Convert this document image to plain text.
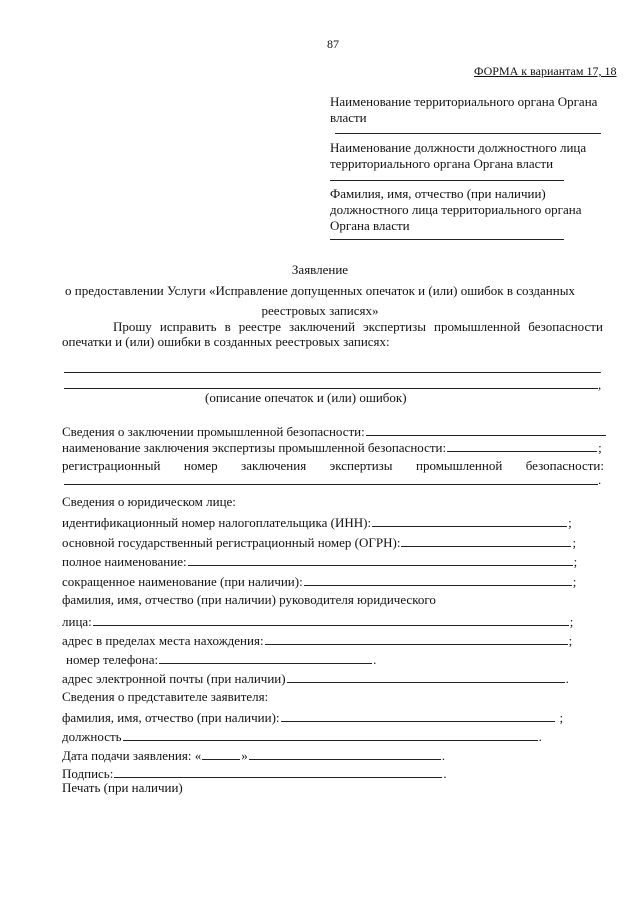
87
ФОРМА к вариантам 17, 18
Наименование территориального органа Органа
власти
Наименование должности должностного лица
территориального органа Органа власти
Фамилия, имя, отчество (при наличии)
должностного лица территориального органа
Органа власти
Заявление
о предоставлении Услуги «Исправление допущенных опечаток и (или) ошибок в созданных
реестровых записях»
Прошу исправить в реестре заключений экспертизы промышленной безопасности
опечатки и (или) ошибки в созданных реестровых записях:
,
(описание опечаток и (или) ошибок)
Сведения о заключении промышленной безопасности:
наименование заключения экспертизы промышленной безопасности:	;
регистрационный номер заключения экспертизы промышленной безопасности:
.
Сведения о юридическом лице:
идентификационный номер налогоплательщика (ИНН):	;
основной государственный регистрационный номер (ОГРН):	;
полное наименование:	;
сокращенное наименование (при наличии):	;
фамилия, имя, отчество (при наличии) руководителя юридического
лица:	;
адрес в пределах места нахождения:	;
номер телефона:	.
адрес электронной почты (при наличии)	.
Сведения о представителе заявителя:
фамилия, имя, отчество (при наличии):	;
должность	.
Дата подачи заявления: «	»	.
Подпись:	.
Печать (при наличии)
